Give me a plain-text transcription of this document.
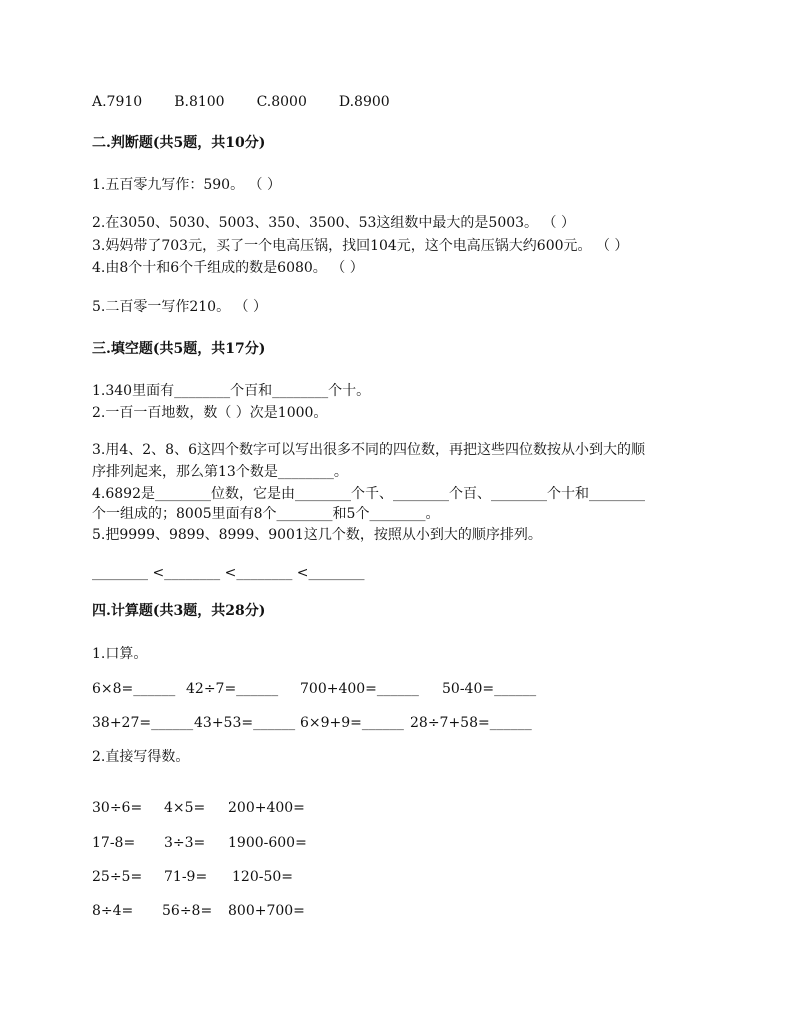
A.7910 B.8100 C.8000 D.8900
二.判断题(共5题，共10分)
1.五百零九写作：590。 （ ）
2.在3050、5030、5003、350、3500、53这组数中最大的是5003。 （ ）
3.妈妈带了703元，买了一个电高压锅，找回104元，这个电高压锅大约600元。 （ ）
4.由8个十和6个千组成的数是6080。 （ ）
5.二百零一写作210。 （ ）
三.填空题(共5题，共17分)
1.340里面有________个百和________个十。
2.一百一百地数，数（ ）次是1000。
3.用4、2、8、6这四个数字可以写出很多不同的四位数，再把这些四位数按从小到大的顺
序排列起来，那么第13个数是________。
4.6892是________位数，它是由________个千、________个百、________个十和________
个一组成的；8005里面有8个________和5个________。
5.把9999、9899、8999、9001这几个数，按照从小到大的顺序排列。
________ <________ <________ <________
四.计算题(共3题，共28分)
1.口算。
6×8=______ 42÷7=______ 700+400=______ 50-40=______
38+27=______43+53=______ 6×9+9=______ 28÷7+58=______
2.直接写得数。
30÷6= 4×5= 200+400=
17-8= 3÷3= 1900-600=
25÷5= 71-9= 120-50=
8÷4= 56÷8= 800+700=
